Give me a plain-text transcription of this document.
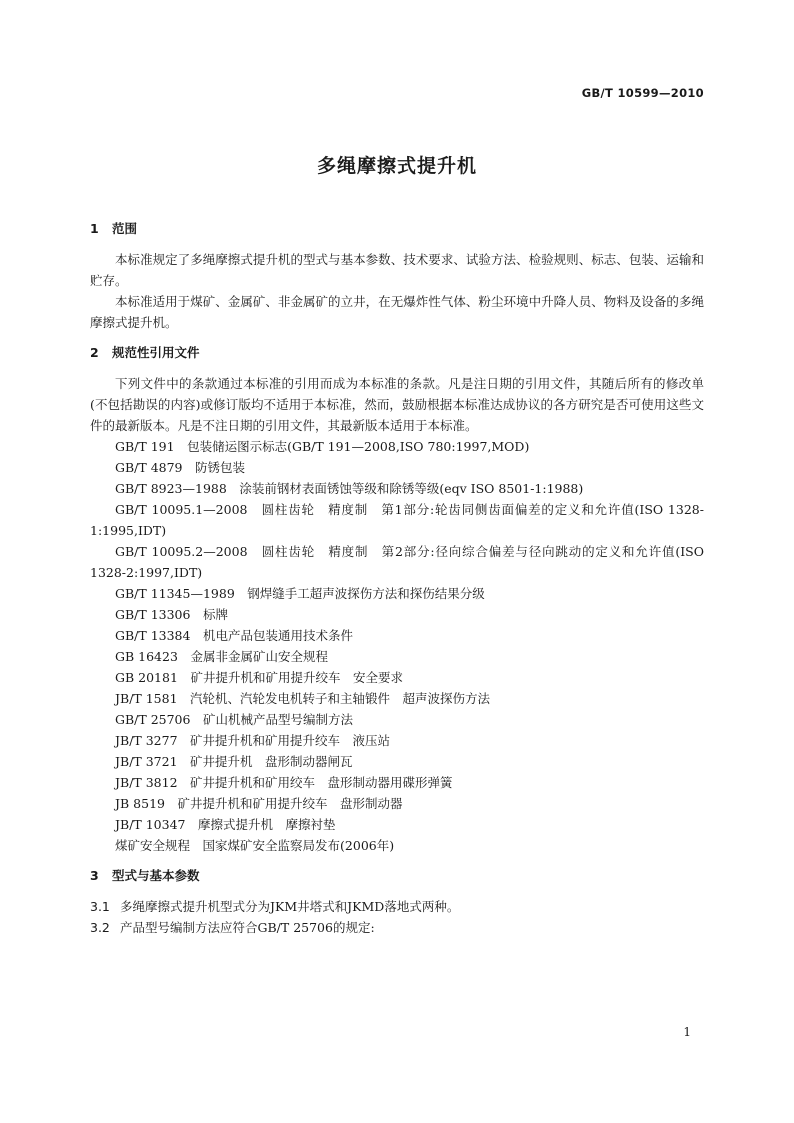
GB/T 10599—2010
多绳摩擦式提升机
1 范围

本标准规定了多绳摩擦式提升机的型式与基本参数、技术要求、试验方法、检验规则、标志、包装、运输和贮存。

本标准适用于煤矿、金属矿、非金属矿的立井，在无爆炸性气体、粉尘环境中升降人员、物料及设备的多绳摩擦式提升机。

2 规范性引用文件

下列文件中的条款通过本标准的引用而成为本标准的条款。凡是注日期的引用文件，其随后所有的修改单(不包括勘误的内容)或修订版均不适用于本标准，然而，鼓励根据本标准达成协议的各方研究是否可使用这些文件的最新版本。凡是不注日期的引用文件，其最新版本适用于本标准。

GB/T 191　 包装储运图示标志(GB/T 191—2008,ISO 780:1997,MOD)
GB/T 4879　 防锈包装
GB/T 8923—1988　 涂装前钢材表面锈蚀等级和除锈等级(eqv ISO 8501-1:1988)
GB/T 10095.1—2008　 圆柱齿轮　精度制　第1部分:轮齿同侧齿面偏差的定义和允许值(ISO 1328-1:1995,IDT)
GB/T 10095.2—2008　 圆柱齿轮　精度制　第2部分:径向综合偏差与径向跳动的定义和允许值(ISO 1328-2:1997,IDT)
GB/T 11345—1989　 钢焊缝手工超声波探伤方法和探伤结果分级
GB/T 13306　 标牌
GB/T 13384　 机电产品包装通用技术条件
GB 16423　 金属非金属矿山安全规程
GB 20181　 矿井提升机和矿用提升绞车　安全要求
JB/T 1581　 汽轮机、汽轮发电机转子和主轴锻件　超声波探伤方法
GB/T 25706　 矿山机械产品型号编制方法
JB/T 3277　 矿井提升机和矿用提升绞车　液压站
JB/T 3721　 矿井提升机　盘形制动器闸瓦
JB/T 3812　 矿井提升机和矿用绞车　盘形制动器用碟形弹簧
JB 8519　 矿井提升机和矿用提升绞车　盘形制动器
JB/T 10347　 摩擦式提升机　摩擦衬垫
煤矿安全规程　 国家煤矿安全监察局发布(2006年)
3 型式与基本参数

3.1 多绳摩擦式提升机型式分为JKM井塔式和JKMD落地式两种。

3.2 产品型号编制方法应符合GB/T 25706的规定:

1
